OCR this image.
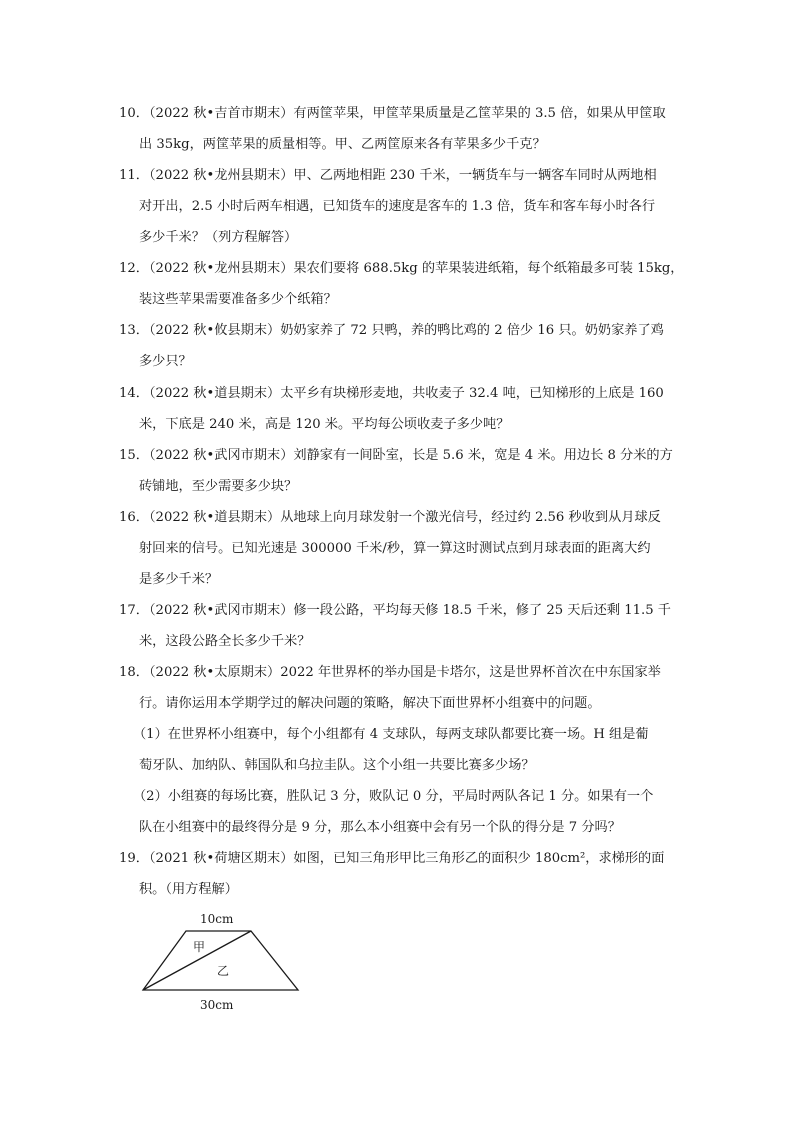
10．（2022 秋•吉首市期末）有两筐苹果，甲筐苹果质量是乙筐苹果的 3.5 倍，如果从甲筐取
出 35kg，两筐苹果的质量相等。甲、乙两筐原来各有苹果多少千克？
11．（2022 秋•龙州县期末）甲、乙两地相距 230 千米，一辆货车与一辆客车同时从两地相
对开出，2.5 小时后两车相遇，已知货车的速度是客车的 1.3 倍，货车和客车每小时各行
多少千米？（列方程解答）
12．（2022 秋•龙州县期末）果农们要将 688.5kg 的苹果装进纸箱，每个纸箱最多可装 15kg，
装这些苹果需要准备多少个纸箱？
13．（2022 秋•攸县期末）奶奶家养了 72 只鸭，养的鸭比鸡的 2 倍少 16 只。奶奶家养了鸡
多少只？
14．（2022 秋•道县期末）太平乡有块梯形麦地，共收麦子 32.4 吨，已知梯形的上底是 160
米，下底是 240 米，高是 120 米。平均每公顷收麦子多少吨？
15．（2022 秋•武冈市期末）刘静家有一间卧室，长是 5.6 米，宽是 4 米。用边长 8 分米的方
砖铺地，至少需要多少块？
16．（2022 秋•道县期末）从地球上向月球发射一个激光信号，经过约 2.56 秒收到从月球反
射回来的信号。已知光速是 300000 千米/秒，算一算这时测试点到月球表面的距离大约
是多少千米？
17．（2022 秋•武冈市期末）修一段公路，平均每天修 18.5 千米，修了 25 天后还剩 11.5 千
米，这段公路全长多少千米？
18．（2022 秋•太原期末）2022 年世界杯的举办国是卡塔尔，这是世界杯首次在中东国家举
行。请你运用本学期学过的解决问题的策略，解决下面世界杯小组赛中的问题。
（1）在世界杯小组赛中，每个小组都有 4 支球队，每两支球队都要比赛一场。H 组是葡
萄牙队、加纳队、韩国队和乌拉圭队。这个小组一共要比赛多少场？
（2）小组赛的每场比赛，胜队记 3 分，败队记 0 分，平局时两队各记 1 分。如果有一个
队在小组赛中的最终得分是 9 分，那么本小组赛中会有另一个队的得分是 7 分吗？
19．（2021 秋•荷塘区期末）如图，已知三角形甲比三角形乙的面积少 180cm²，求梯形的面
积。（用方程解）
10cm
甲
乙
30cm
